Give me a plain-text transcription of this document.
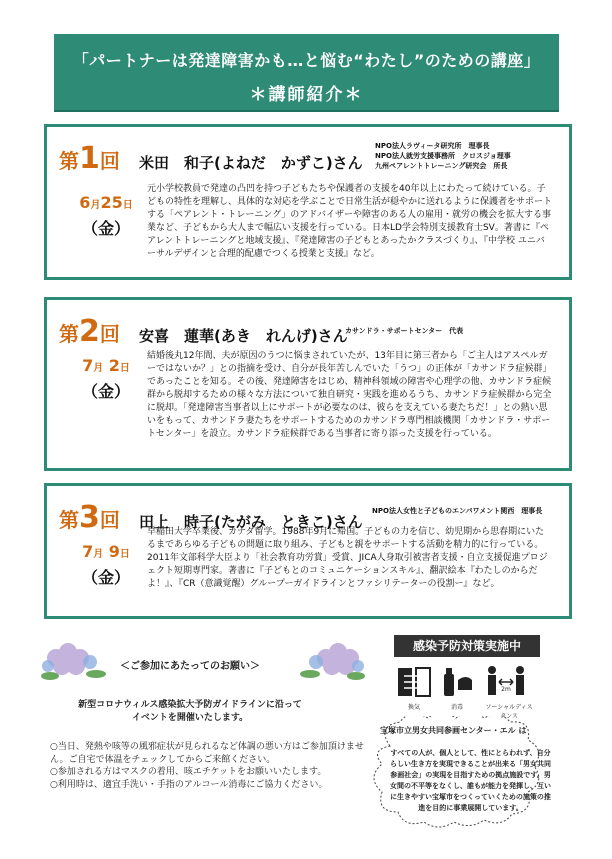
「パートナーは発達障害かも…と悩む“わたし”のための講座」
＊講師紹介＊
第1回 米田　和子(よねだ　かずこ)さん
NPO法人ラヴィータ研究所　理事長
NPO法人就労支援事務所　クロスジョ理事
九州ペアレントトレーニング研究会　所長
6月25日
（金）
元小学校教員で発達の凸凹を持つ子どもたちや保護者の支援を40年以上にわたって続けている。子どもの特性を理解し、具体的な対応を学ぶことで日常生活が穏やかに送れるように保護者をサポートする「ペアレント・トレーニング」のアドバイザーや障害のある人の雇用・就労の機会を拡大する事業など、子どもから大人まで幅広い支援を行っている。日本LD学会特別支援教育士SV。著書に『ペアレントトレーニングと地域支援』、『発達障害の子どもとあったかクラスづくり』、『中学校 ユニバーサルデザインと合理的配慮でつくる授業と支援』など。
第2回 安喜　蓮華(あき　れんげ)さん
カサンドラ・サポートセンター　代表
7月 2日
（金）
結婚後丸12年間、夫が原因のうつに悩まされていたが、13年目に第三者から「ご主人はアスペルガーではないか？」との指摘を受け、自分が長年苦しんでいた「うつ」の正体が「カサンドラ症候群」であったことを知る。その後、発達障害をはじめ、精神科領域の障害や心理学の他、カサンドラ症候群から脱却するための様々な方法について独自研究・実践を進めるうち、カサンドラ症候群から完全に脱却。「発達障害当事者以上にサポートが必要なのは、彼らを支えている妻たちだ！」との熱い思いをもって、カサンドラ妻たちをサポートするためのカサンドラ専門相談機関「カサンドラ・サポートセンター」を設立。カサンドラ症候群である当事者に寄り添った支援を行っている。
第3回 田上　時子(たがみ　ときこ)さん
NPO法人女性と子どものエンパワメント関西　理事長
7月 9日
（金）
早稲田大学卒業後、カナダ留学。1988年9月に帰国。子どもの力を信じ、幼児期から思春期にいたるまであらゆる子どもの問題に取り組み、子どもと親をサポートする活動を精力的に行っている。2011年文部科学大臣より「社会教育功労賞」受賞、JICA人身取引被害者支援・自立支援促進プロジェクト短期専門家。著書に『子どもとのコミュニケーションスキル』、翻訳絵本『わたしのからだよ！』、『CR（意識覚醒）グループーガイドラインとファシリテーターの役割ー』など。
＜ご参加にあたってのお願い＞
新型コロナウィルス感染拡大予防ガイドラインに沿って
イベントを開催いたします。
○当日、発熱や咳等の風邪症状が見られるなど体調の悪い方はご参加頂けません。ご自宅で体温をチェックしてからご来館ください。
○参加される方はマスクの着用、咳エチケットをお願いいたします。
○利用時は、適宜手洗い・手指のアルコール消毒にご協力ください。
感染予防対策実施中
換気	消毒	ソーシャルディスタンス
2m
宝塚市立男女共同参画センター・エル は
すべての人が、個人として、性にとらわれず、自分らしい生き方を実現できることが出来る「男女共同参画社会」の実現を目指すための拠点施設です。男女間の不平等をなくし、誰もが能力を発揮し、互いに生きやすい宝塚市をつくっていくための施策の推進を目的に事業展開しています。
